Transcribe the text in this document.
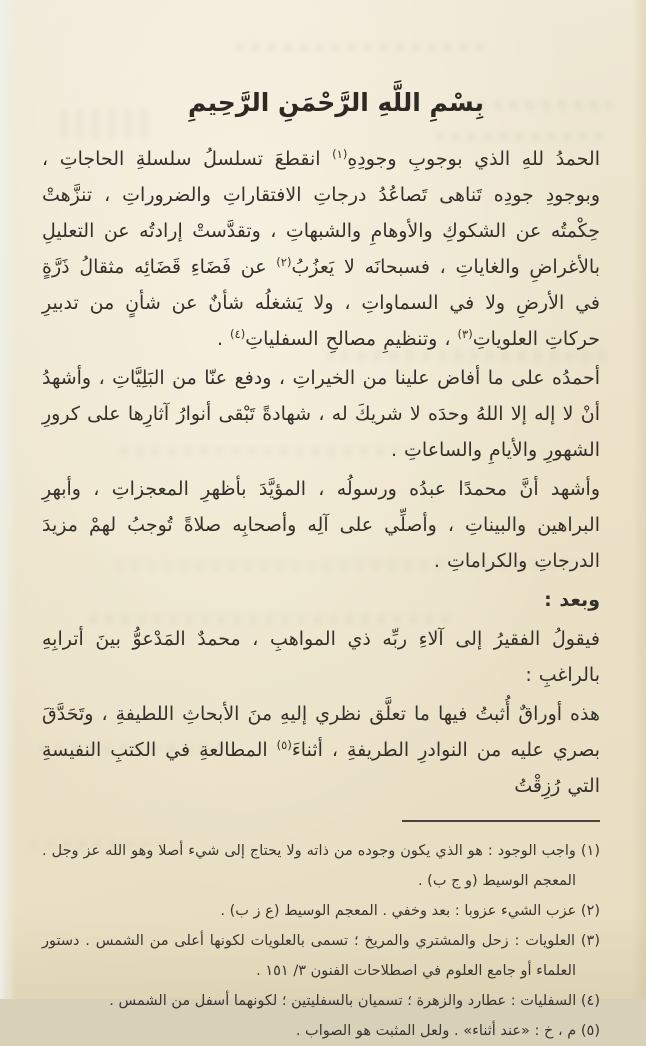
بِسْمِ اللَّهِ الرَّحْمَنِ الرَّحِيمِ

الحمدُ للهِ الذي بوجوبِ وجودِهِ$^{(١)}$ انقطعَ تسلسلُ سلسلةِ الحاجاتِ ، وبوجودِ جودِه تَناهى تَصاعُدُ درجاتِ الافتقاراتِ والضروراتِ ، تنزَّهتْ حِكْمتُه عن الشكوكِ والأوهامِ والشبهاتِ ، وتقدَّستْ إرادتُه عن التعليلِ بالأغراضِ والغاياتِ ، فسبحانَه لا يَعزُبُ$^{(٢)}$ عن فَضَاءِ قَضَائِه مثقالُ ذَرَّةٍ في الأرضِ ولا في السماواتِ ، ولا يَشغلُه شأنٌ عن شأنٍ من تدبيرِ حركاتِ العلوياتِ$^{(٣)}$ ، وتنظيمِ مصالحِ السفلياتِ$^{(٤)}$ .

أحمدُه على ما أفاض علينا من الخيراتِ ، ودفع عنّا من البَلِيَّاتِ ، وأشهدُ أنْ لا إله إلا اللهُ وحدَه لا شريكَ له ، شهادةً تَبْقى أنوارُ آثارِها على كرورِ الشهورِ والأيامِ والساعاتِ .

وأشهد أنَّ محمدًا عبدُه ورسولُه ، المؤيَّدَ بأظهرِ المعجزاتِ ، وأبهرِ البراهين والبيناتِ ، وأصلِّي على آلِه وأصحابِه صلاةً تُوجبُ لهمْ مزيدَ الدرجاتِ والكراماتِ .

وبعد :

فيقولُ الفقيرُ إلى آلاءِ ربِّه ذي المواهبِ ، محمدٌ المَدْعوُّ بينَ أترابِهِ بالراغبِ :

هذه أوراقٌ أُثبتُ فيها ما تعلَّق نظري إليهِ منَ الأبحاثِ اللطيفةِ ، وتَحَدَّقَ بصري عليه من النوادرِ الطريفةِ ، أثناءَ$^{(٥)}$ المطالعةِ في الكتبِ النفيسةِ التي رُزِقْتُ

(١) واجب الوجود : هو الذي يكون وجوده من ذاته ولا يحتاج إلى شيء أصلا وهو الله عز وجل . المعجم الوسيط (و ج ب) .
(٢) عزب الشيء عزوبا : بعد وخفي . المعجم الوسيط (ع ز ب) .
(٣) العلويات : زحل والمشتري والمريخ ؛ تسمى بالعلويات لكونها أعلى من الشمس . دستور العلماء أو جامع العلوم في اصطلاحات الفنون ٣/ ١٥١ .
(٤) السفليات : عطارد والزهرة ؛ تسميان بالسفليتين ؛ لكونهما أسفل من الشمس .
(٥) م ، خ : «عند أثناء» . ولعل المثبت هو الصواب .
